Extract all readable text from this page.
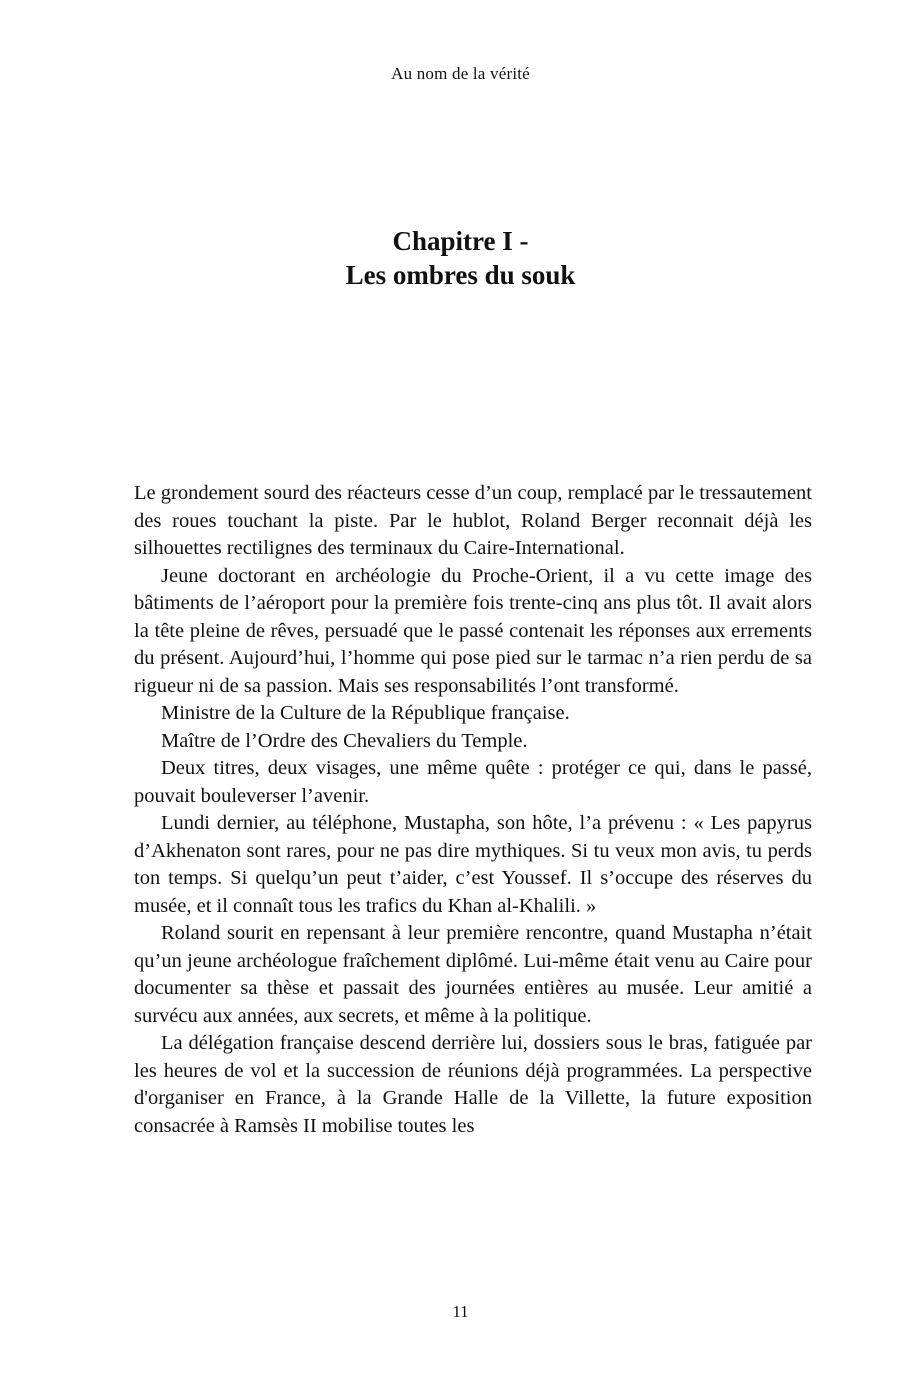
Au nom de la vérité
Chapitre I -
Les ombres du souk

Le grondement sourd des réacteurs cesse d’un coup, remplacé par le tressautement des roues touchant la piste. Par le hublot, Roland Berger reconnait déjà les silhouettes rectilignes des terminaux du Caire-International.

Jeune doctorant en archéologie du Proche-Orient, il a vu cette image des bâtiments de l’aéroport pour la première fois trente-cinq ans plus tôt. Il avait alors la tête pleine de rêves, persuadé que le passé contenait les réponses aux errements du présent. Aujourd’hui, l’homme qui pose pied sur le tarmac n’a rien perdu de sa rigueur ni de sa passion. Mais ses responsabilités l’ont transformé.

Ministre de la Culture de la République française.

Maître de l’Ordre des Chevaliers du Temple.

Deux titres, deux visages, une même quête : protéger ce qui, dans le passé, pouvait bouleverser l’avenir.

Lundi dernier, au téléphone, Mustapha, son hôte, l’a prévenu : « Les papyrus d’Akhenaton sont rares, pour ne pas dire mythiques. Si tu veux mon avis, tu perds ton temps. Si quelqu’un peut t’aider, c’est Youssef. Il s’occupe des réserves du musée, et il connaît tous les trafics du Khan al-Khalili. »

Roland sourit en repensant à leur première rencontre, quand Mustapha n’était qu’un jeune archéologue fraîchement diplômé. Lui-même était venu au Caire pour documenter sa thèse et passait des journées entières au musée. Leur amitié a survécu aux années, aux secrets, et même à la politique.

La délégation française descend derrière lui, dossiers sous le bras, fatiguée par les heures de vol et la succession de réunions déjà programmées. La perspective d'organiser en France, à la Grande Halle de la Villette, la future exposition consacrée à Ramsès II mobilise toutes les

11
